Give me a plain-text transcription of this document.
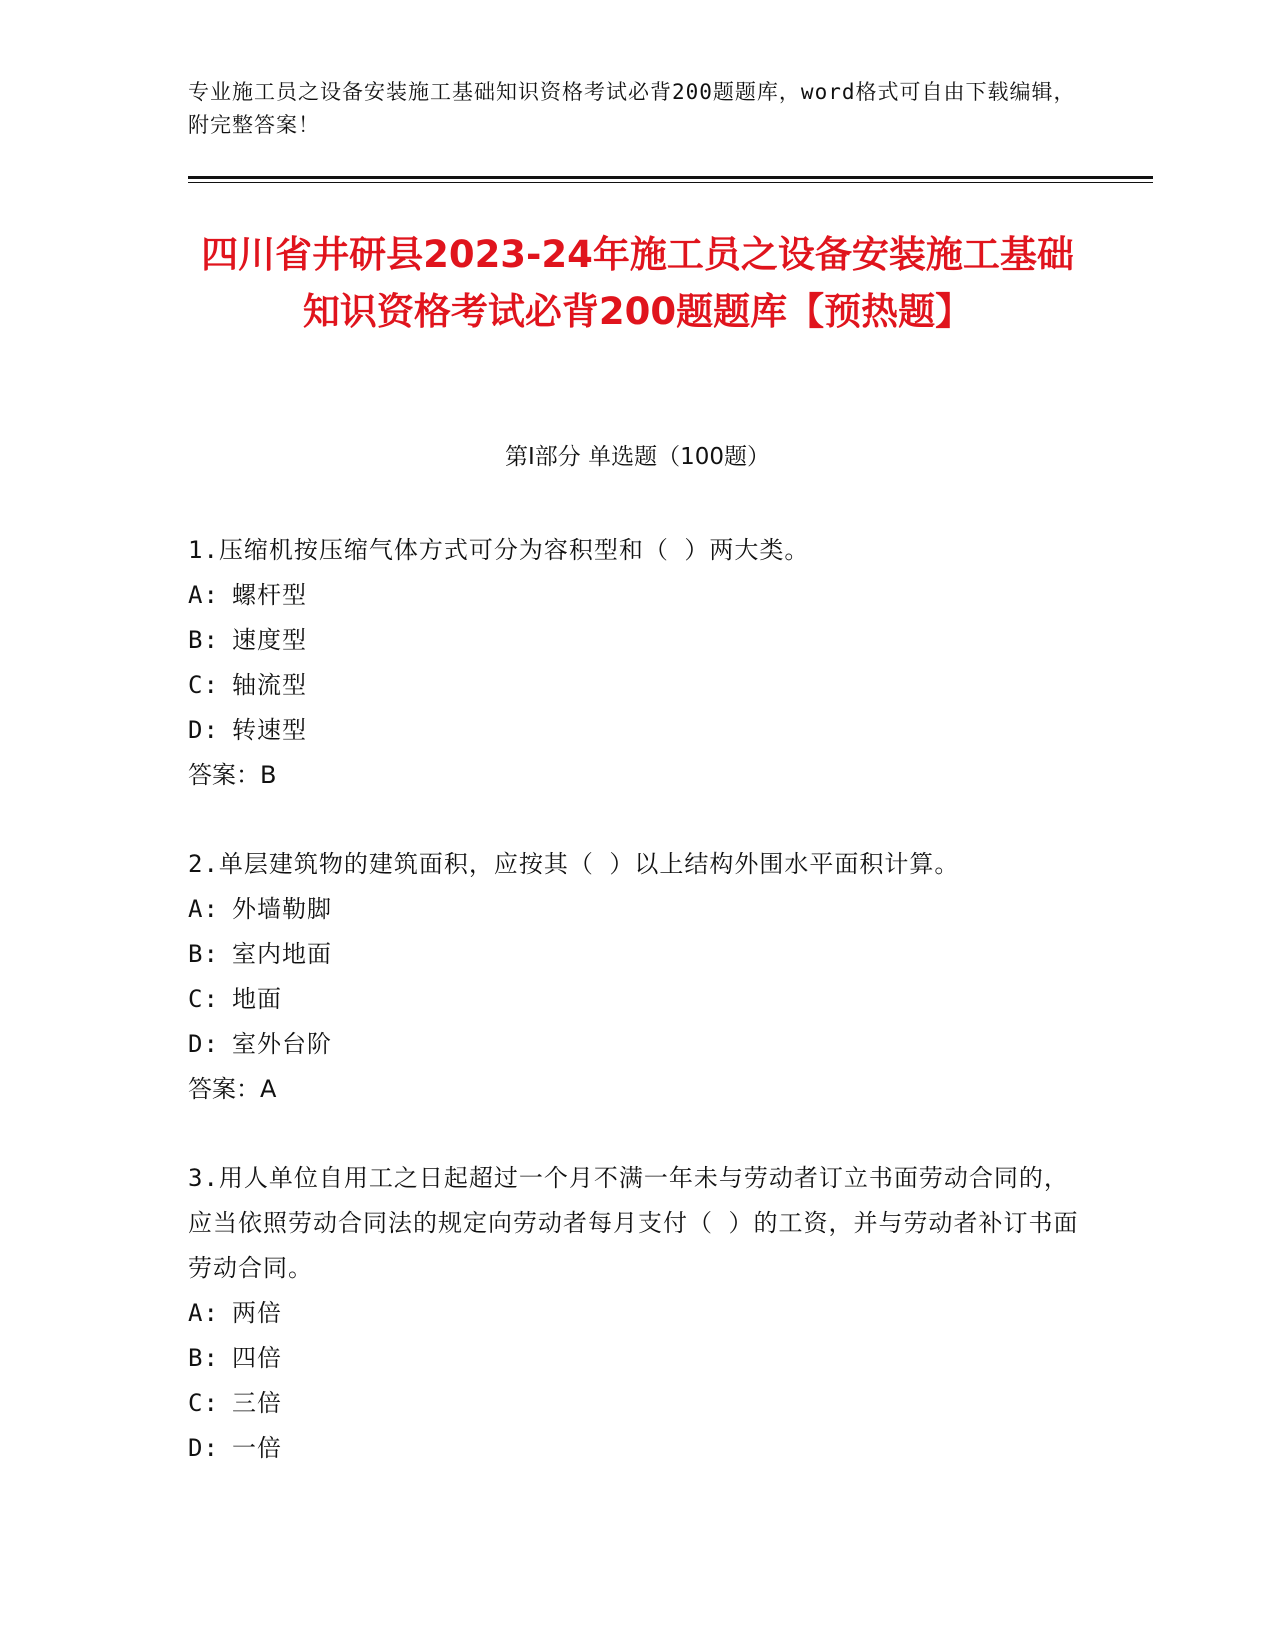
专业施工员之设备安装施工基础知识资格考试必背200题题库，word格式可自由下载编辑，附完整答案！
四川省井研县2023-24年施工员之设备安装施工基础知识资格考试必背200题题库【预热题】
第Ⅰ部分 单选题（100题）
1.压缩机按压缩气体方式可分为容积型和（ ）两大类。
A: 螺杆型
B: 速度型
C: 轴流型
D: 转速型
答案：B
2.单层建筑物的建筑面积，应按其（ ）以上结构外围水平面积计算。
A: 外墙勒脚
B: 室内地面
C: 地面
D: 室外台阶
答案：A
3.用人单位自用工之日起超过一个月不满一年未与劳动者订立书面劳动合同的，应当依照劳动合同法的规定向劳动者每月支付（ ）的工资，并与劳动者补订书面劳动合同。
A: 两倍
B: 四倍
C: 三倍
D: 一倍
